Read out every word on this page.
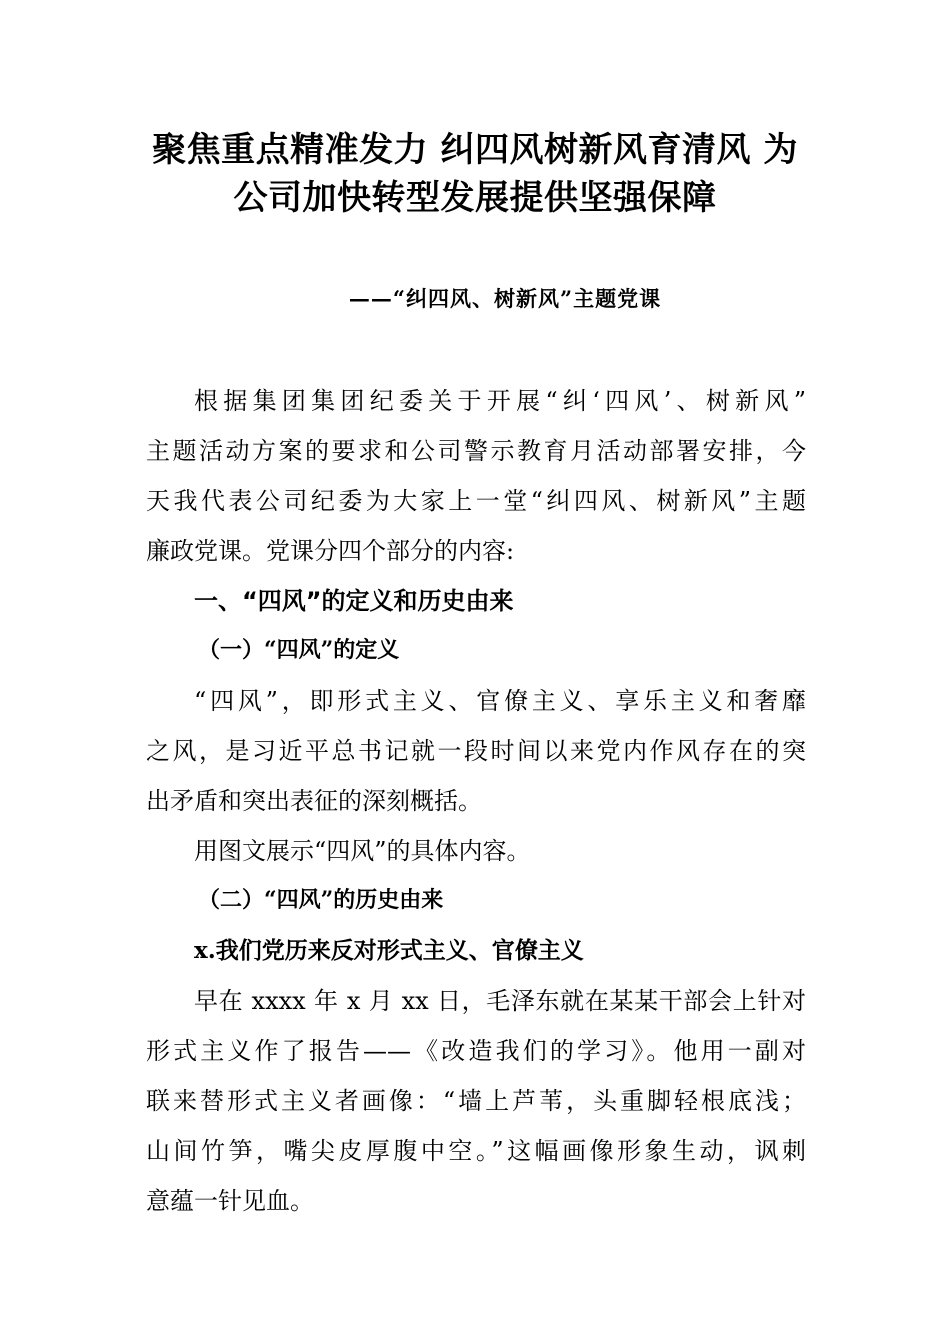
聚焦重点精准发力 纠四风树新风育清风 为
公司加快转型发展提供坚强保障
——“纠四风、树新风”主题党课
根据集团集团纪委关于开展“纠‘四风’、树新风”
主题活动方案的要求和公司警示教育月活动部署安排，今
天我代表公司纪委为大家上一堂“纠四风、树新风”主题
廉政党课。党课分四个部分的内容:
一、“四风”的定义和历史由来
（一）“四风”的定义
“四风”，即形式主义、官僚主义、享乐主义和奢靡
之风，是习近平总书记就一段时间以来党内作风存在的突
出矛盾和突出表征的深刻概括。
用图文展示“四风”的具体内容。
（二）“四风”的历史由来
x.我们党历来反对形式主义、官僚主义
早在 xxxx 年 x 月 xx 日，毛泽东就在某某干部会上针对
形式主义作了报告——《改造我们的学习》。他用一副对
联来替形式主义者画像：“墙上芦苇，头重脚轻根底浅；
山间竹笋，嘴尖皮厚腹中空。”这幅画像形象生动，讽刺
意蕴一针见血。
